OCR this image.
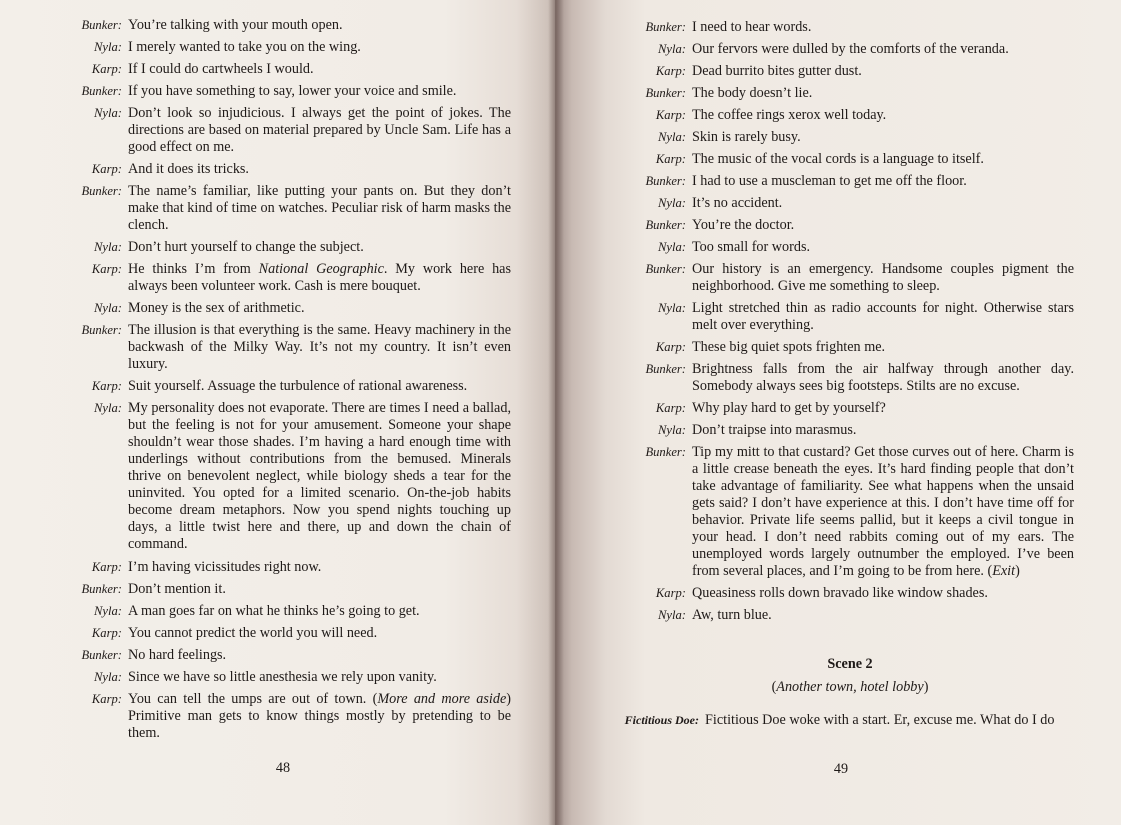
Bunker: You’re talking with your mouth open.
Nyla: I merely wanted to take you on the wing.
Karp: If I could do cartwheels I would.
Bunker: If you have something to say, lower your voice and smile.
Nyla: Don’t look so injudicious. I always get the point of jokes. The directions are based on material prepared by Uncle Sam. Life has a good effect on me.
Karp: And it does its tricks.
Bunker: The name’s familiar, like putting your pants on. But they don’t make that kind of time on watches. Peculiar risk of harm masks the clench.
Nyla: Don’t hurt yourself to change the subject.
Karp: He thinks I’m from National Geographic. My work here has always been volunteer work. Cash is mere bouquet.
Nyla: Money is the sex of arithmetic.
Bunker: The illusion is that everything is the same. Heavy machinery in the backwash of the Milky Way. It’s not my country. It isn’t even luxury.
Karp: Suit yourself. Assuage the turbulence of rational awareness.
Nyla: My personality does not evaporate. There are times I need a ballad, but the feeling is not for your amusement. Someone your shape shouldn’t wear those shades. I’m having a hard enough time with underlings without contributions from the bemused. Minerals thrive on benevolent neglect, while biology sheds a tear for the uninvited. You opted for a limited scenario. On-the-job habits become dream metaphors. Now you spend nights touching up days, a little twist here and there, up and down the chain of command.
Karp: I’m having vicissitudes right now.
Bunker: Don’t mention it.
Nyla: A man goes far on what he thinks he’s going to get.
Karp: You cannot predict the world you will need.
Bunker: No hard feelings.
Nyla: Since we have so little anesthesia we rely upon vanity.
Karp: You can tell the umps are out of town. (More and more aside) Primitive man gets to know things mostly by pretending to be them.
48
Bunker: I need to hear words.
Nyla: Our fervors were dulled by the comforts of the veranda.
Karp: Dead burrito bites gutter dust.
Bunker: The body doesn’t lie.
Karp: The coffee rings xerox well today.
Nyla: Skin is rarely busy.
Karp: The music of the vocal cords is a language to itself.
Bunker: I had to use a muscleman to get me off the floor.
Nyla: It’s no accident.
Bunker: You’re the doctor.
Nyla: Too small for words.
Bunker: Our history is an emergency. Handsome couples pigment the neighborhood. Give me something to sleep.
Nyla: Light stretched thin as radio accounts for night. Otherwise stars melt over everything.
Karp: These big quiet spots frighten me.
Bunker: Brightness falls from the air halfway through another day. Somebody always sees big footsteps. Stilts are no excuse.
Karp: Why play hard to get by yourself?
Nyla: Don’t traipse into marasmus.
Bunker: Tip my mitt to that custard? Get those curves out of here. Charm is a little crease beneath the eyes. It’s hard finding people that don’t take advantage of familiarity. See what happens when the unsaid gets said? I don’t have experience at this. I don’t have time off for behavior. Private life seems pallid, but it keeps a civil tongue in your head. I don’t need rabbits coming out of my ears. The unemployed words largely outnumber the employed. I’ve been from several places, and I’m going to be from here. (Exit)
Karp: Queasiness rolls down bravado like window shades.
Nyla: Aw, turn blue.
Scene 2
(Another town, hotel lobby)
Fictitious Doe: Fictitious Doe woke with a start. Er, excuse me. What do I do
49
